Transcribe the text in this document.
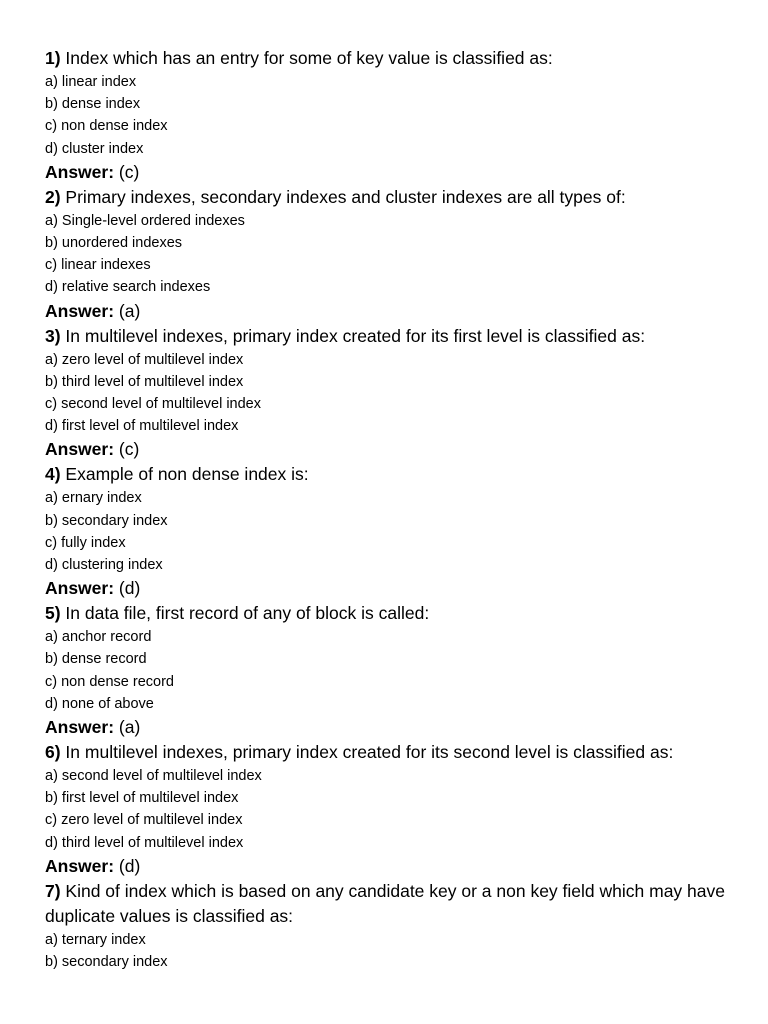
1) Index which has an entry for some of key value is classified as:

a) linear index

b) dense index

c) non dense index

d) cluster index

Answer: (c)

2) Primary indexes, secondary indexes and cluster indexes are all types of:

a) Single-level ordered indexes

b) unordered indexes

c) linear indexes

d) relative search indexes

Answer: (a)

3) In multilevel indexes, primary index created for its first level is classified as:

a) zero level of multilevel index

b) third level of multilevel index

c) second level of multilevel index

d) first level of multilevel index

Answer: (c)

4) Example of non dense index is:

a) ernary index

b) secondary index

c) fully index

d) clustering index

Answer: (d)

5) In data file, first record of any of block is called:

a) anchor record

b) dense record

c) non dense record

d) none of above

Answer: (a)

6) In multilevel indexes, primary index created for its second level is classified as:

a) second level of multilevel index

b) first level of multilevel index

c) zero level of multilevel index

d) third level of multilevel index

Answer: (d)

7) Kind of index which is based on any candidate key or a non key field which may have duplicate values is classified as:

a) ternary index

b) secondary index
